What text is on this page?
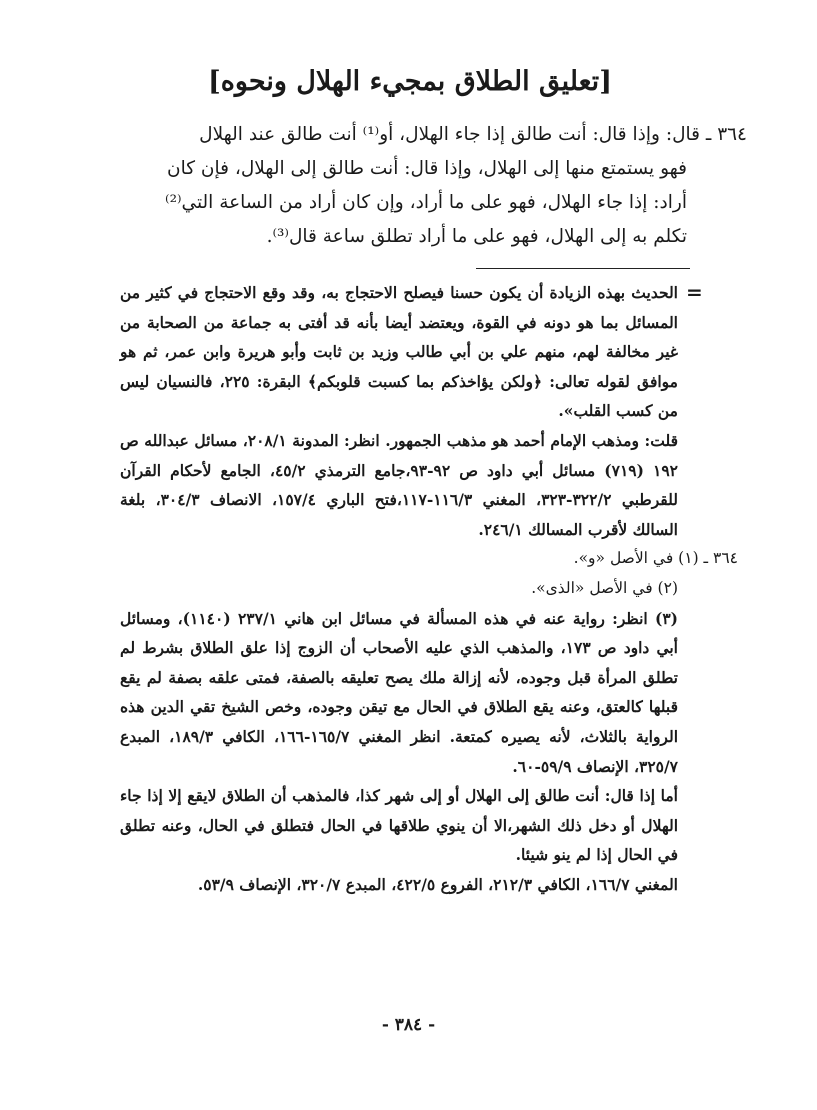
[تعليق الطلاق بمجيء الهلال ونحوه]
٣٦٤ ـ قال: وإذا قال: أنت طالق إذا جاء الهلال، أو⁽¹⁾ أنت طالق عند الهلال
فهو يستمتع منها إلى الهلال، وإذا قال: أنت طالق إلى الهلال، فإن كان
أراد: إذا جاء الهلال، فهو على ما أراد، وإن كان أراد من الساعة التي⁽²⁾
تكلم به إلى الهلال، فهو على ما أراد تطلق ساعة قال⁽³⁾.
=

الحديث بهذه الزيادة أن يكون حسنا فيصلح الاحتجاج به، وقد وقع الاحتجاج في كثير من المسائل بما هو دونه في القوة، ويعتضد أيضا بأنه قد أفتى به جماعة من الصحابة من غير مخالفة لهم، منهم علي بن أبي طالب وزيد بن ثابت وأبو هريرة وابن عمر، ثم هو موافق لقوله تعالى: ﴿ولكن يؤاخذكم بما كسبت قلوبكم﴾ البقرة: ٢٢٥، فالنسيان ليس من كسب القلب».

قلت: ومذهب الإمام أحمد هو مذهب الجمهور. انظر: المدونة ٢٠٨/١، مسائل عبدالله ص ١٩٢ (٧١٩) مسائل أبي داود ص ٩٢-٩٣،جامع الترمذي ٤٥/٢، الجامع لأحكام القرآن للقرطبي ٣٢٢/٢-٣٢٣، المغني ١١٦/٣-١١٧،فتح الباري ١٥٧/٤، الانصاف ٣٠٤/٣، بلغة السالك لأقرب المسالك ٢٤٦/١.

٣٦٤ ـ (١) في الأصل «و».

(٢) في الأصل «الذى».

(٣) انظر: رواية عنه في هذه المسألة في مسائل ابن هاني ٢٣٧/١ (١١٤٠)، ومسائل أبي داود ص ١٧٣، والمذهب الذي عليه الأصحاب أن الزوج إذا علق الطلاق بشرط لم تطلق المرأة قبل وجوده، لأنه إزالة ملك يصح تعليقه بالصفة، فمتى علقه بصفة لم يقع قبلها كالعتق، وعنه يقع الطلاق في الحال مع تيقن وجوده، وخص الشيخ تقي الدين هذه الرواية بالثلاث، لأنه يصيره كمتعة. انظر المغني ١٦٥/٧-١٦٦، الكافي ١٨٩/٣، المبدع ٣٢٥/٧، الإنصاف ٥٩/٩-٦٠.

أما إذا قال: أنت طالق إلى الهلال أو إلى شهر كذا، فالمذهب أن الطلاق لايقع إلا إذا جاء الهلال أو دخل ذلك الشهر،الا أن ينوي طلاقها في الحال فتطلق في الحال، وعنه تطلق في الحال إذا لم ينو شيئا.

المغني ١٦٦/٧، الكافي ٢١٢/٣، الفروع ٤٢٢/٥، المبدع ٣٢٠/٧، الإنصاف ٥٣/٩.

- ٣٨٤ -
